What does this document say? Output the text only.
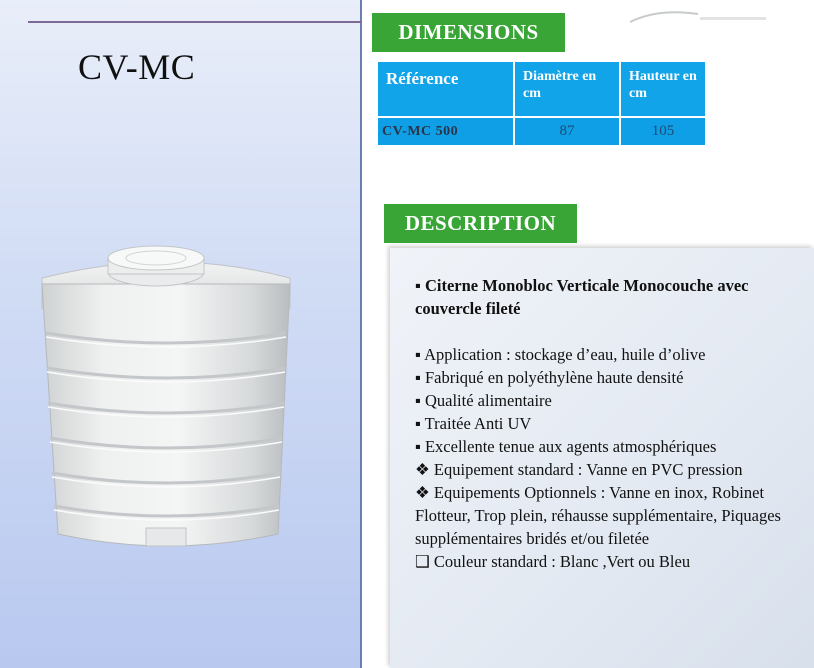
CV-MC
DIMENSIONS
Référence	Diamètre en cm	Hauteur en cm
CV-MC 500	87	105
DESCRIPTION
▪ Citerne Monobloc Verticale Monocouche avec couvercle fileté
▪ Application : stockage d’eau, huile d’olive
▪ Fabriqué en polyéthylène haute densité
▪ Qualité alimentaire
▪ Traitée Anti UV
▪ Excellente tenue aux agents atmosphériques
❖ Equipement standard : Vanne en PVC pression
❖ Equipements Optionnels : Vanne en inox, Robinet Flotteur, Trop plein, réhausse supplémentaire, Piquages supplémentaires bridés et/ou filetée
❑ Couleur standard : Blanc ,Vert ou Bleu
